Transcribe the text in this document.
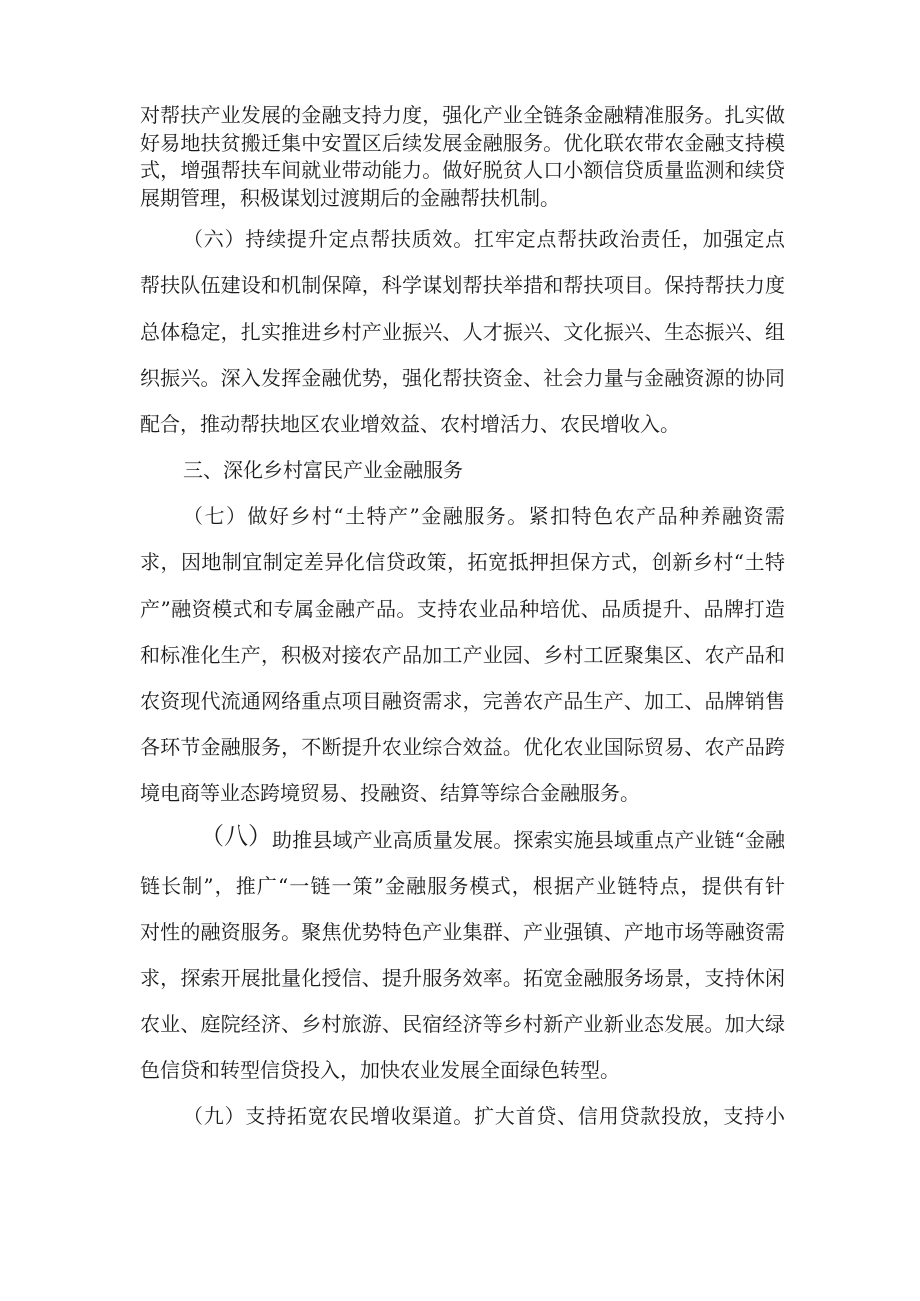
对帮扶产业发展的金融支持力度，强化产业全链条金融精准服务。扎实做
好易地扶贫搬迁集中安置区后续发展金融服务。优化联农带农金融支持模
式，增强帮扶车间就业带动能力。做好脱贫人口小额信贷质量监测和续贷
展期管理，积极谋划过渡期后的金融帮扶机制。
（六）持续提升定点帮扶质效。扛牢定点帮扶政治责任，加强定点
帮扶队伍建设和机制保障，科学谋划帮扶举措和帮扶项目。保持帮扶力度
总体稳定，扎实推进乡村产业振兴、人才振兴、文化振兴、生态振兴、组
织振兴。深入发挥金融优势，强化帮扶资金、社会力量与金融资源的协同
配合，推动帮扶地区农业增效益、农村增活力、农民增收入。
三、深化乡村富民产业金融服务
（七）做好乡村“土特产”金融服务。紧扣特色农产品种养融资需
求，因地制宜制定差异化信贷政策，拓宽抵押担保方式，创新乡村“土特
产”融资模式和专属金融产品。支持农业品种培优、品质提升、品牌打造
和标准化生产，积极对接农产品加工产业园、乡村工匠聚集区、农产品和
农资现代流通网络重点项目融资需求，完善农产品生产、加工、品牌销售
各环节金融服务，不断提升农业综合效益。优化农业国际贸易、农产品跨
境电商等业态跨境贸易、投融资、结算等综合金融服务。
（八） 助推县域产业高质量发展。探索实施县域重点产业链“金融
链长制”，推广“一链一策”金融服务模式，根据产业链特点，提供有针
对性的融资服务。聚焦优势特色产业集群、产业强镇、产地市场等融资需
求，探索开展批量化授信、提升服务效率。拓宽金融服务场景，支持休闲
农业、庭院经济、乡村旅游、民宿经济等乡村新产业新业态发展。加大绿
色信贷和转型信贷投入，加快农业发展全面绿色转型。
（九）支持拓宽农民增收渠道。扩大首贷、信用贷款投放，支持小
